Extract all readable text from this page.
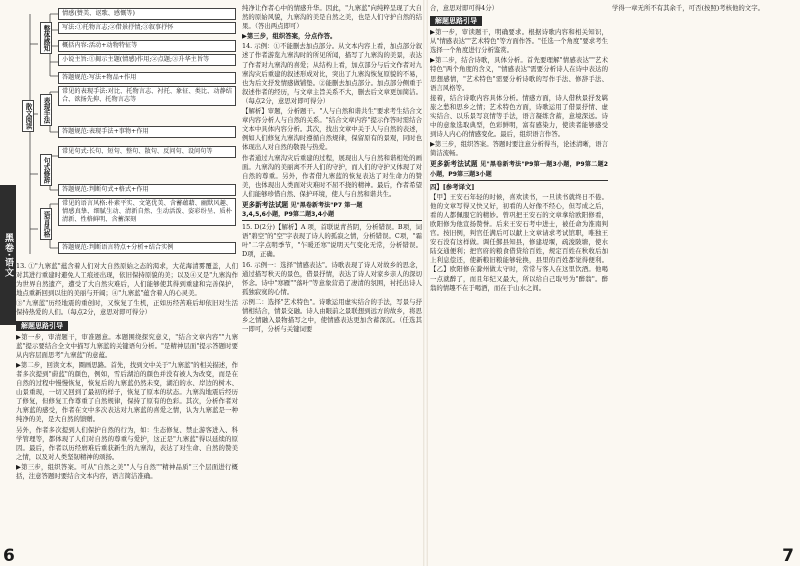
黑卷·语文
散文阅读
整体感知
情感(赞美、讴歌、感慨等)
写法:①托物言志;②借景抒情;③叙事抒怀
概括内容:活动+动物特征等
小说主旨:①揭示主题(情感)作用;②点题;③升华主旨等
答题规范:写法+物品+作用
表现手法
常见的表现手法:对比、托物言志、衬托、象征、类比、动静结合、欲扬先抑、托物言志等
答题规范:表现手法+事物+作用
句式修辞
常见句式:长句、短句、整句、散句、反问句、设问句等
答题规范:判断句式+格式+作用
语言风格
常见的语言风格:朴素平实、文笔优美、含蓄蕴藉、幽默风趣、情感真挚、细腻生动、清新自然、生动活泼、姿彩纷呈、质朴清新、性格鲜明、含蓄深刻
答题规范:判断语言特点+分析+结合实例

13. ①"九寨蓝"蕴含着人们对大自然原始之态的渴求，大花海清雾覆盖，人们对其进行重建时避免人工痕迹出现，依旧保持原貌的美；以及④又是"九寨沟作为世界自然遗产，遭受了大自然灾难后，人们能够使其得到重建和完善保护，地点重新回到以往的美丽与开阔；④"九寨蓝"蕴含着人的心灵美。

③"九寨蓝"历经地震的重创时，又恢复了生机，正如历经苦难后却依旧对生活保持热爱的人们。（每点2分，意思对即可得分）

解题思路引导

▶第一步，审清题干，审准题意。本题围绕探究意义，"结合文章内容""九寨蓝"提示要结合全文中描写九寨蓝的关键语句分析。"是精神层面"提示答题时要从内容层面思考"九寨蓝"的意蕴。

▶第二步，回读文本，圈画思路。首先，找到文中关于"九寨蓝"的相关描述，作者多次提到"蔚蓝"的颜色，例如，雪后湖泊的颜色并没有被人为改变，而是在自然的过程中慢慢恢复，恢复后的九寨蓝仍然未变，湖泊的水、岸边的树木、山景重现，一切又回到了最初的样子，恢复了原本的状态。九寨沟地震后经历了修复，但修复工作尊重了自然规律，保持了原有的色彩。其次，分析作者对九寨蓝的感受，作者在文中多次表达对九寨蓝的喜爱之情，认为九寨蓝是一种纯净的美，是大自然的馈赠。

另外，作者多次提到人们保护自然的行为，如：生态修复、禁止游客进入、科学管理等，都体现了人们对自然的尊重与爱护，这正是"九寨蓝"得以延续的原因。最后，作者以历经磨难后重获新生的九寨沟，表达了对生命、自然的赞美之情，以及对人类坚韧精神的颂扬。

▶第三步，组织答案。可从"自然之美""人与自然""精神品质"三个层面进行概括，注意答题时要结合文本内容，语言简洁准确。

纯净让作者心中的情感升华。因此，"九寨蓝"向纯粹呈现了大自然的原始风貌，九寨沟的美是自然之美，也是人们守护自然的结果。（答出两点即可）

▶第三步，组织答案，分点作答。

14. 示例：①不能删去加点部分。从文本内容上看，加点部分叙述了作者游览九寨沟时的所见所闻，描写了九寨沟的美景，表达了作者对九寨沟的喜爱；从结构上看，加点部分与后文作者对九寨沟灾后重建的叙述形成对比，突出了九寨沟恢复原貌的不易，也为后文抒发情感做铺垫。②能删去加点部分。加点部分侧重于叙述作者的经历，与文章主旨关系不大，删去后文章更加简洁。（每点2分，意思对即可得分）

【解析】审题，分析题干。"人与自然和谐共生"要求考生结合文章内容分析人与自然的关系。"结合文章内容"提示作答时需结合文本中具体内容分析。其次，找出文章中关于人与自然的表述，例如人们修复九寨沟时遵循自然规律，保留原有的景观，同时也体现出人对自然的敬畏与热爱。

作者通过九寨沟灾后重建的过程，展现出人与自然和谐相处的画面。九寨沟的美丽离不开人们的守护，而人们的守护又体现了对自然的尊重。另外，作者借九寨蓝的恢复表达了对生命力的赞美，也体现出人类面对灾难时不屈不挠的精神。最后，作者希望人们能够珍惜自然、保护环境，使人与自然和谐共生。

更多新考法试题 见"黑卷新考法"P7 第一题
3,4,5,6小题，P9第二题3,4小题

15. D(2分)【解析】A 项，首联说青苔阴，分析错误。B项，词语"碧空"的"空"字表现了诗人的孤寂之情，分析错误。C项，"霜叶"二字点明季节，"乍暖还寒"说明天气变化无常，分析错误。D项，正确。

16. 示例一：选择"情感表达"。诗歌表现了诗人对故乡的思念，通过描写秋天的景色，借景抒情，表达了诗人对家乡亲人的深切怀念。诗中"寒雁""落叶"等意象营造了凄清的氛围，衬托出诗人孤独寂寞的心情。

示例二：选择"艺术特色"。诗歌运用虚实结合的手法，写景与抒情相结合，情景交融。诗人由眼前之景联想到远方的故乡，将思乡之情融入景物描写之中，使情感表达更加含蓄深沉。（任选其一即可，分析与关键词要

合，意思对即可得4分）

解题思路引导

▶第一步，审读题干，明确要求。根据诗歌内容和相关知识，从"情感表达""艺术特色"等方面作答。"任选一个角度"要求考生选择一个角度进行分析鉴赏。

▶第二步，结合诗歌，具体分析。首先要理解"情感表达""艺术特色"两个角度的含义，"情感表达"需要分析诗人在诗中表达的思想感情，"艺术特色"需要分析诗歌的写作手法、修辞手法、语言风格等。

接着，结合诗歌内容具体分析。情感方面，诗人借秋景抒发羁旅之愁和思乡之情；艺术特色方面，诗歌运用了借景抒情、虚实结合、以乐景写哀情等手法，语言凝练含蓄，意境深远。诗中的意象选取典型，色彩鲜明，富有感染力，使读者能够感受到诗人内心的情感变化。最后，组织语言作答。

▶第三步，组织答案。答题时要注意分析得当，论述清晰，语言简洁流畅。

更多新考法试题 见"黑卷新考法"P9第一题3小题，P9第二题2小题，P9第三题3小题

四】[参考译文]

【甲】王安石年轻的时候，喜欢读书，一旦读书就终日不倦。他的文章写得又快又好，初看的人好像不经心，但写成之后，看的人都佩服它的精妙。曾巩把王安石的文章拿给欧阳修看，欧阳修为他宣扬赞誉。后来王安石考中进士，被任命为淮南判官。按旧例，判官任满后可以献上文章请求考试馆职，唯独王安石没有这样做。调任鄞县知县，修建堤堰，疏浚陂塘，使水陆交通便利；把官府的粮食借贷给百姓，规定百姓在秋收后加上利息偿还，使新粮旧粮能够轮换，县里的百姓都觉得便利。【乙】欧阳修在滁州做太守时，常常与客人在这里饮酒。他喝一点就醉了，而且年纪又最大，所以给自己取号为"醉翁"。醉翁的情趣不在于喝酒，而在于山水之间。

学得一章无所不有其余千，可否(按照)考核他的文字。

6	7
